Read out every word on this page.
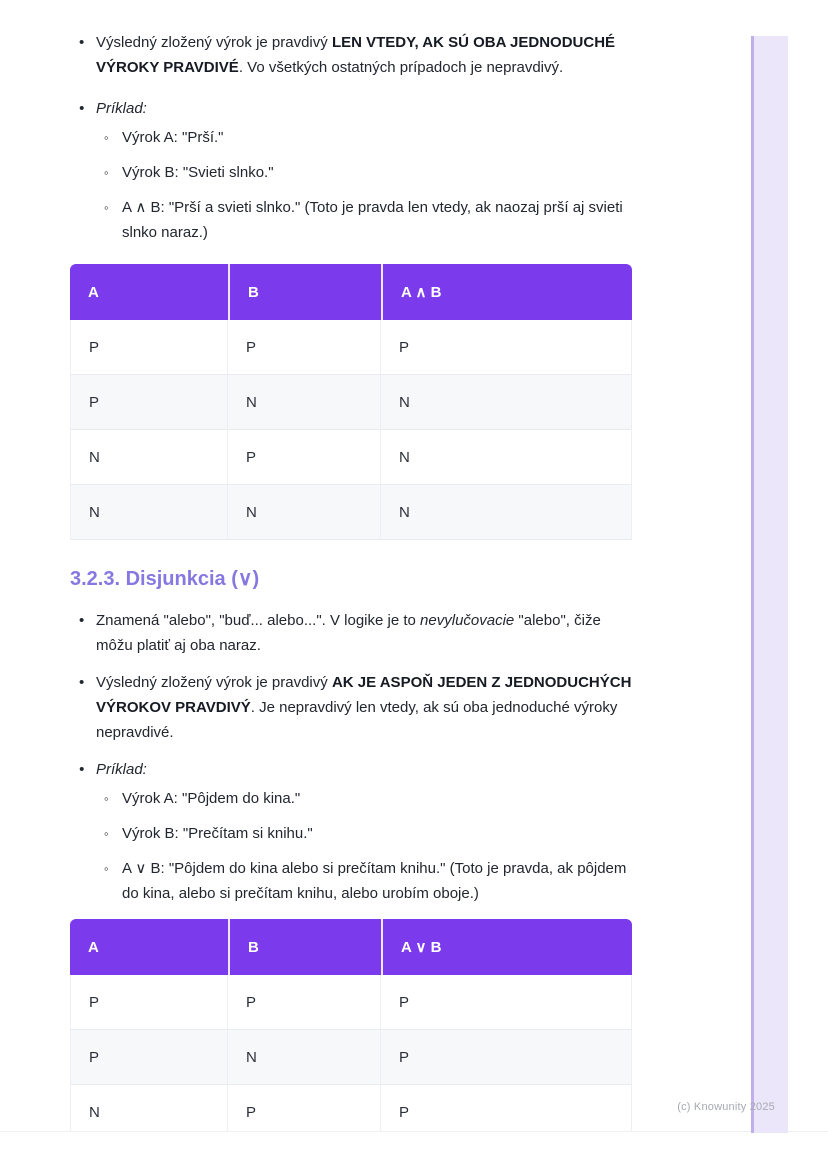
• Výsledný zložený výrok je pravdivý LEN VTEDY, AK SÚ OBA JEDNODUCHÉ VÝROKY PRAVDIVÉ. Vo všetkých ostatných prípadoch je nepravdivý.
• Príklad:
◦ Výrok A: "Prší."
◦ Výrok B: "Svieti slnko."
◦ A ∧ B: "Prší a svieti slnko." (Toto je pravda len vtedy, ak naozaj prší aj svieti slnko naraz.)
A	B	A ∧ B
P	P	P
P	N	N
N	P	N
N	N	N
3.2.3. Disjunkcia (∨)
• Znamená "alebo", "buď... alebo...". V logike je to nevylučovacie "alebo", čiže môžu platiť aj oba naraz.
• Výsledný zložený výrok je pravdivý AK JE ASPOŇ JEDEN Z JEDNODUCHÝCH VÝROKOV PRAVDIVÝ. Je nepravdivý len vtedy, ak sú oba jednoduché výroky nepravdivé.
• Príklad:
◦ Výrok A: "Pôjdem do kina."
◦ Výrok B: "Prečítam si knihu."
◦ A ∨ B: "Pôjdem do kina alebo si prečítam knihu." (Toto je pravda, ak pôjdem do kina, alebo si prečítam knihu, alebo urobím oboje.)
A	B	A ∨ B
P	P	P
P	N	P
N	P	P	(c) Knowunity 2025
